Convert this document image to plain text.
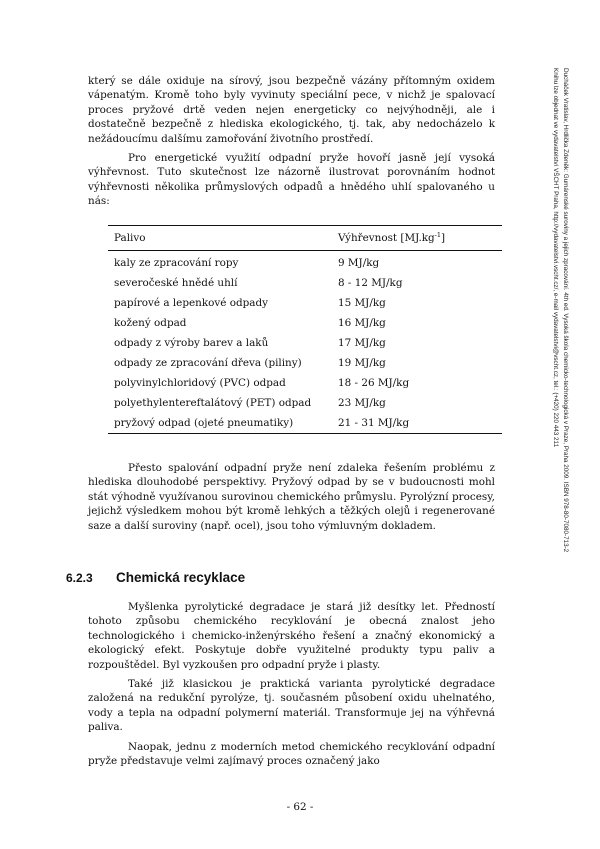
který se dále oxiduje na sírový, jsou bezpečně vázány přítomným oxidem vápenatým. Kromě toho byly vyvinuty speciální pece, v nichž je spalovací proces pryžové drtě veden nejen energeticky co nejvýhodněji, ale i dostatečně bezpečně z hlediska ekologického, tj. tak, aby nedocházelo k nežádoucímu dalšímu zamořování životního prostředí.

Pro energetické využití odpadní pryže hovoří jasně její vysoká výhřevnost. Tuto skutečnost lze názorně ilustrovat porovnáním hodnot výhřevnosti několika průmyslových odpadů a hnědého uhlí spalovaného u nás:

Palivo	Výhřevnost $[MJ.kg^{-1}]$
kaly ze zpracování ropy	9 MJ/kg
severočeské hnědé uhlí	8 - 12 MJ/kg
papírové a lepenkové odpady	15 MJ/kg
kožený odpad	16 MJ/kg
odpady z výroby barev a laků	17 MJ/kg
odpady ze zpracování dřeva (piliny)	19 MJ/kg
polyvinylchloridový (PVC) odpad	18 - 26 MJ/kg
polyethylentereftalátový (PET) odpad	23 MJ/kg
pryžový odpad (ojeté pneumatiky)	21 - 31 MJ/kg

Přesto spalování odpadní pryže není zdaleka řešením problému z hlediska dlouhodobé perspektivy. Pryžový odpad by se v budoucnosti mohl stát výhodně využívanou surovinou chemického průmyslu. Pyrolýzní procesy, jejichž výsledkem mohou být kromě lehkých a těžkých olejů i regenerované saze a další suroviny (např. ocel), jsou toho výmluvným dokladem.

6.2.3 Chemická recyklace

Myšlenka pyrolytické degradace je stará již desítky let. Předností tohoto způsobu chemického recyklování je obecná znalost jeho technologického i chemicko-inženýrského řešení a značný ekonomický a ekologický efekt. Poskytuje dobře využitelné produkty typu paliv a rozpouštědel. Byl vyzkoušen pro odpadní pryže i plasty.

Také již klasickou je praktická varianta pyrolytické degradace založená na redukční pyrolýze, tj. současném působení oxidu uhelnatého, vody a tepla na odpadní polymerní materiál. Transformuje jej na výhřevná paliva.

Naopak, jednu z moderních metod chemického recyklování odpadní pryže představuje velmi zajímavý proces označený jako

- 62 -
Ducháček Vratislav, Hrdlička Zdeněk: Gumárenské suroviny a jejich zpracování. 4th ed. Vysoká škola chemicko-technologická v Praze, Praha 2009. ISBN 978-80-7080-713-2
Knihu lze objednat ve vydavatelství VŠCHT Praha, http://vydavatelstvi.vscht.cz/, e-mail vydavatelstvi@vscht.cz, tel.: (+420) 220 443 211
